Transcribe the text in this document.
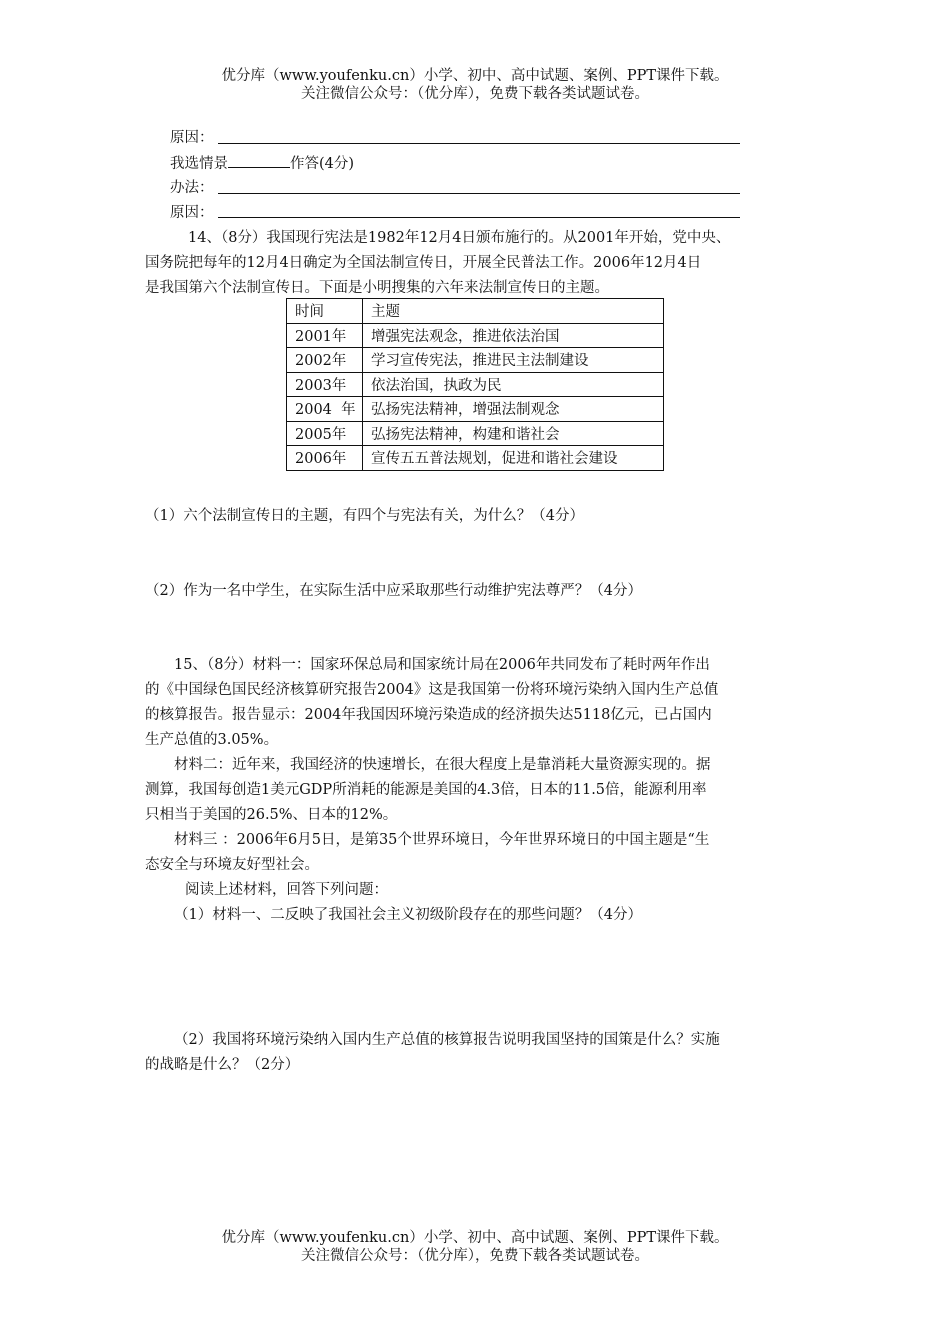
优分库（www.youfenku.cn）小学、初中、高中试题、案例、PPT课件下载。
关注微信公众号：（优分库），免费下载各类试题试卷。
原因：
我选情景	作答(4分)
办法：
原因：
14、（8分）我国现行宪法是1982年12月4日颁布施行的。从2001年开始，党中央、
国务院把每年的12月4日确定为全国法制宣传日，开展全民普法工作。2006年12月4日
是我国第六个法制宣传日。下面是小明搜集的六年来法制宣传日的主题。
时间	主题
2001年	增强宪法观念，推进依法治国
2002年	学习宣传宪法，推进民主法制建设
2003年	依法治国，执政为民
2004  年	弘扬宪法精神，增强法制观念
2005年	弘扬宪法精神，构建和谐社会
2006年	宣传五五普法规划，促进和谐社会建设
（1）六个法制宣传日的主题，有四个与宪法有关，为什么？（4分）
（2）作为一名中学生，在实际生活中应采取那些行动维护宪法尊严？（4分）
15、（8分）材料一：国家环保总局和国家统计局在2006年共同发布了耗时两年作出
的《中国绿色国民经济核算研究报告2004》这是我国第一份将环境污染纳入国内生产总值
的核算报告。报告显示：2004年我国因环境污染造成的经济损失达5118亿元，已占国内
生产总值的3.05%。
材料二：近年来，我国经济的快速增长，在很大程度上是靠消耗大量资源实现的。据
测算，我国每创造1美元GDP所消耗的能源是美国的4.3倍，日本的11.5倍，能源利用率
只相当于美国的26.5%、日本的12%。
材料三 ：2006年6月5日，是第35个世界环境日，今年世界环境日的中国主题是“生
态安全与环境友好型社会。
阅读上述材料，回答下列问题：
（1）材料一、二反映了我国社会主义初级阶段存在的那些问题？（4分）
（2）我国将环境污染纳入国内生产总值的核算报告说明我国坚持的国策是什么？实施
的战略是什么？（2分）
优分库（www.youfenku.cn）小学、初中、高中试题、案例、PPT课件下载。
关注微信公众号：（优分库），免费下载各类试题试卷。
